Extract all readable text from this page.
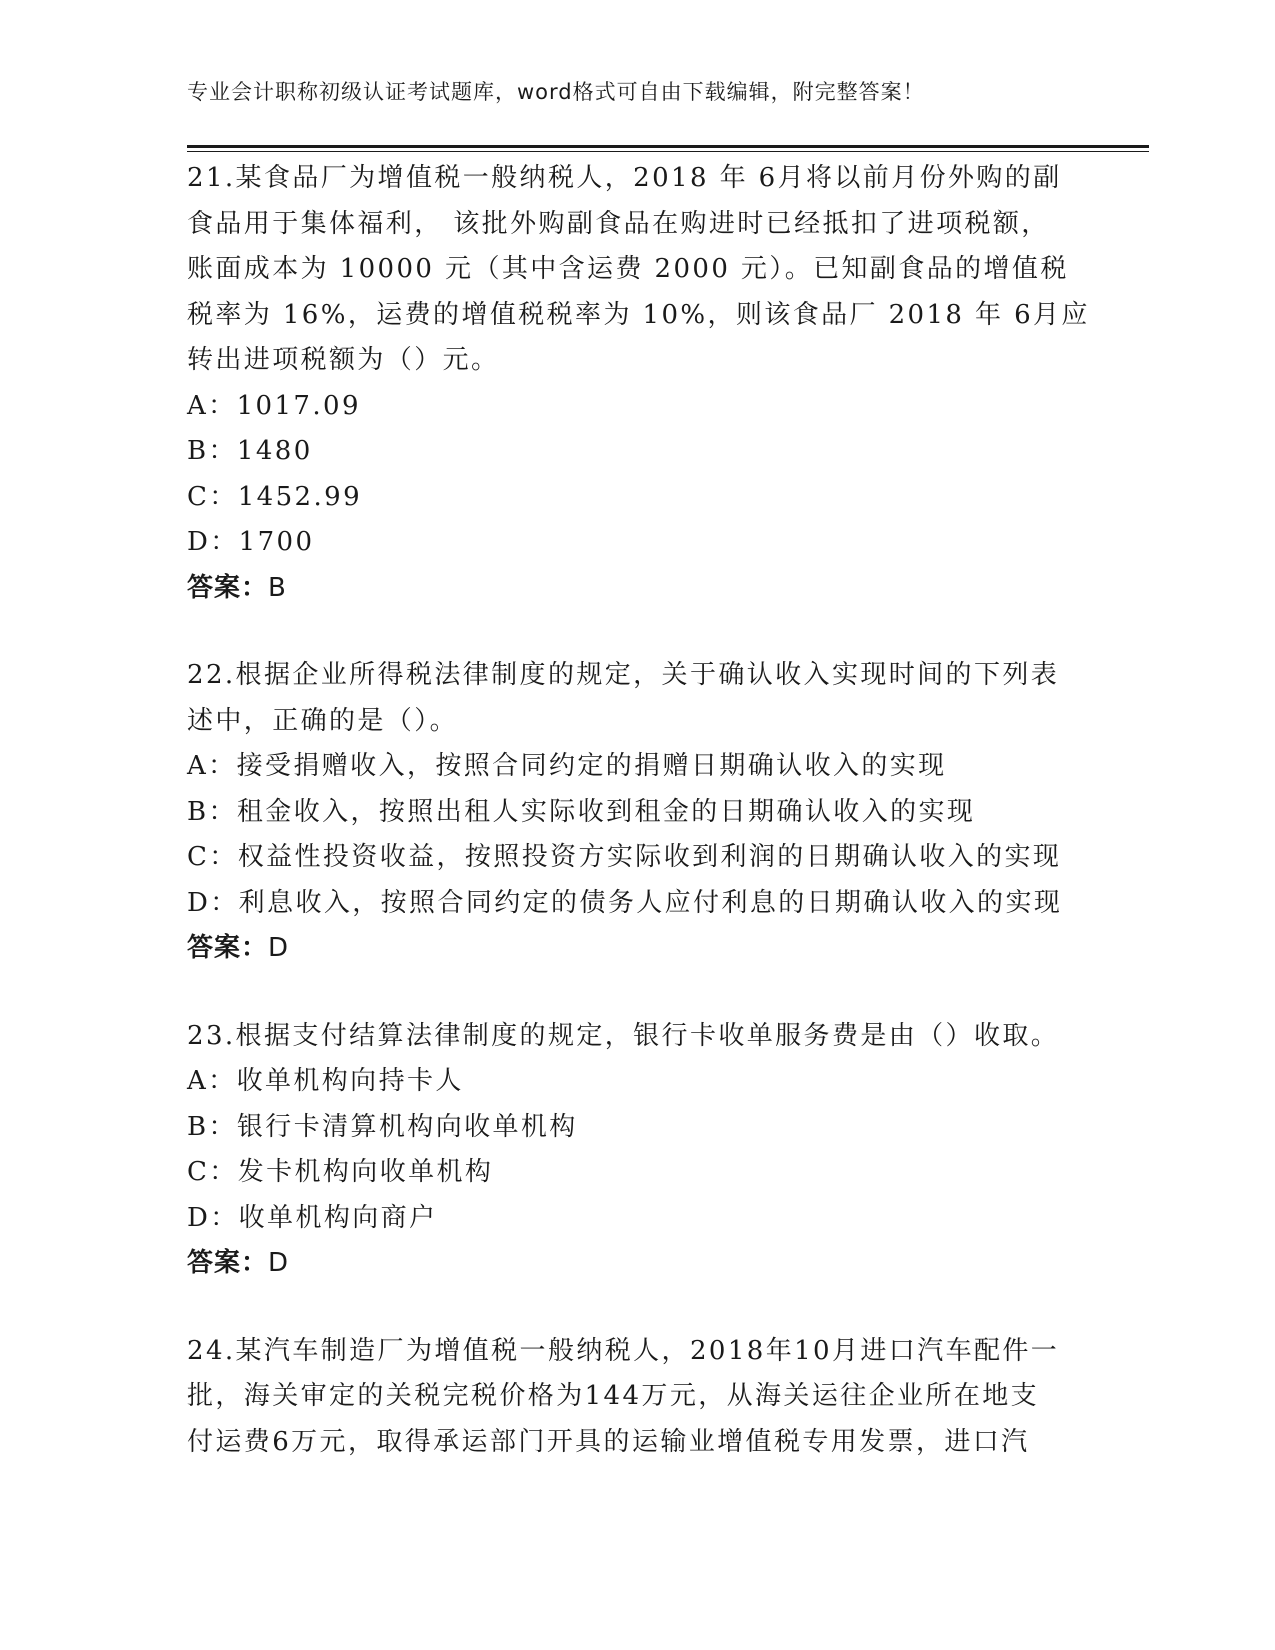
专业会计职称初级认证考试题库，word格式可自由下载编辑，附完整答案！
21.某食品厂为增值税一般纳税人，2018 年 6月将以前月份外购的副
食品用于集体福利， 该批外购副食品在购进时已经抵扣了进项税额，
账面成本为 10000 元（其中含运费 2000 元）。已知副食品的增值税
税率为 16%，运费的增值税税率为 10%，则该食品厂 2018 年 6月应
转出进项税额为（）元。
A：1017.09
B：1480
C：1452.99
D：1700
答案：B
22.根据企业所得税法律制度的规定，关于确认收入实现时间的下列表
述中，正确的是（）。
A：接受捐赠收入，按照合同约定的捐赠日期确认收入的实现
B：租金收入，按照出租人实际收到租金的日期确认收入的实现
C：权益性投资收益，按照投资方实际收到利润的日期确认收入的实现
D：利息收入，按照合同约定的债务人应付利息的日期确认收入的实现
答案：D
23.根据支付结算法律制度的规定，银行卡收单服务费是由（）收取。
A：收单机构向持卡人
B：银行卡清算机构向收单机构
C：发卡机构向收单机构
D：收单机构向商户
答案：D
24.某汽车制造厂为增值税一般纳税人，2018年10月进口汽车配件一
批，海关审定的关税完税价格为144万元，从海关运往企业所在地支
付运费6万元，取得承运部门开具的运输业增值税专用发票，进口汽
